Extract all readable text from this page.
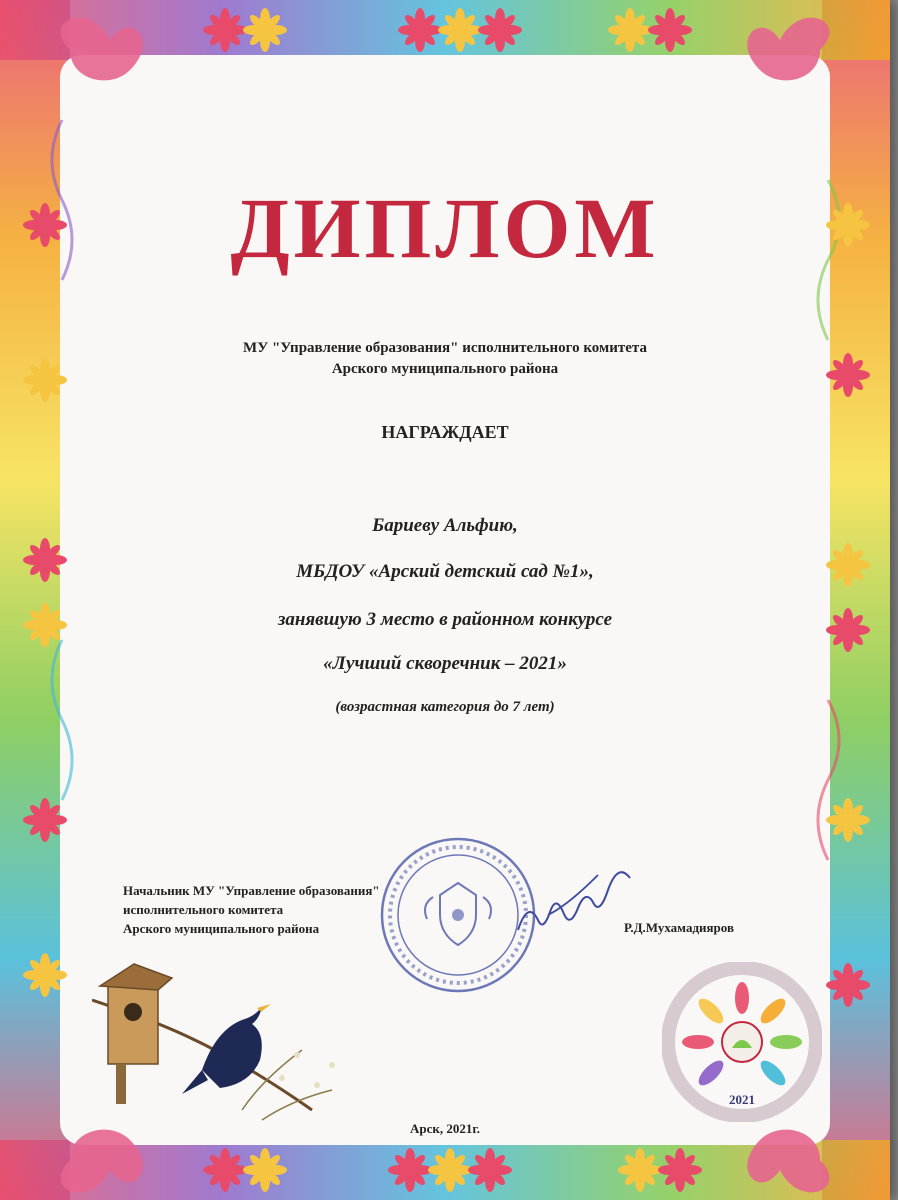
ДИПЛОМ
МУ "Управление образования" исполнительного комитета
Арского муниципального района
НАГРАЖДАЕТ
Бариеву Альфию,
МБДОУ «Арский детский сад №1»,
занявшую 3 место в районном конкурсе
«Лучший скворечник – 2021»
(возрастная категория до 7 лет)
Начальник МУ "Управление образования"
исполнительного комитета
Арского муниципального района	Р.Д.Мухамадияров
2021
Арск, 2021г.
